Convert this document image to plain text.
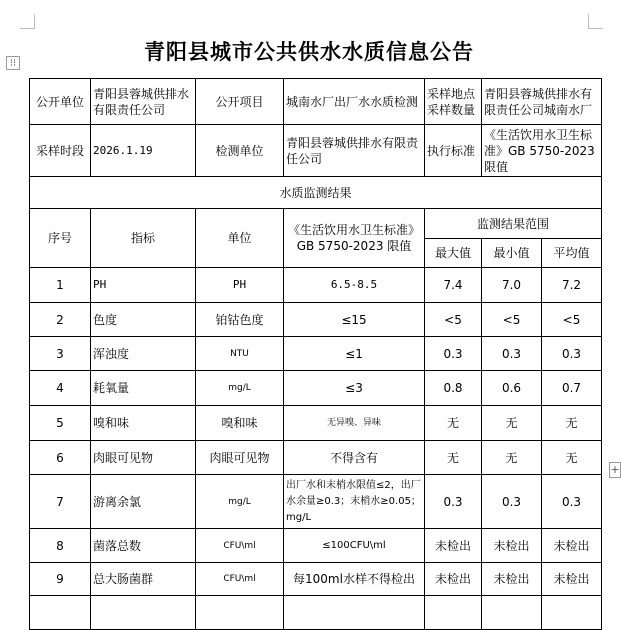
⁝⁝
+
青阳县城市公共供水水质信息公告
公开单位	青阳县蓉城供排水有限责任公司	公开项目	城南水厂出厂水水质检测	采样地点 采样数量	青阳县蓉城供排水有限责任公司城南水厂	
采样时段	2026.1.19	检测单位	青阳县蓉城供排水有限责任公司	执行标准	《生活饮用水卫生标准》GB 5750-2023 限值	
水质监测结果						
序号	指标	单位	《生活饮用水卫生标准》GB 5750-2023 限值	监测结果范围		
				最大值	最小值	平均值
1	PH	PH	6.5-8.5	7.4	7.0	7.2
2	色度	铂钴色度	≤15	<5	<5	<5
3	浑浊度	NTU	≤1	0.3	0.3	0.3
4	耗氧量	mg/L	≤3	0.8	0.6	0.7
5	嗅和味	嗅和味	无异嗅、异味	无	无	无
6	肉眼可见物	肉眼可见物	不得含有	无	无	无
7	游离余氯	mg/L	出厂水和末梢水限值≤2，出厂水余量≥0.3；末梢水≥0.05；mg/L	0.3	0.3	0.3
8	菌落总数	CFU\ml	≤100CFU\ml	未检出	未检出	未检出
9	总大肠菌群	CFU\ml	每100ml水样不得检出	未检出	未检出	未检出
